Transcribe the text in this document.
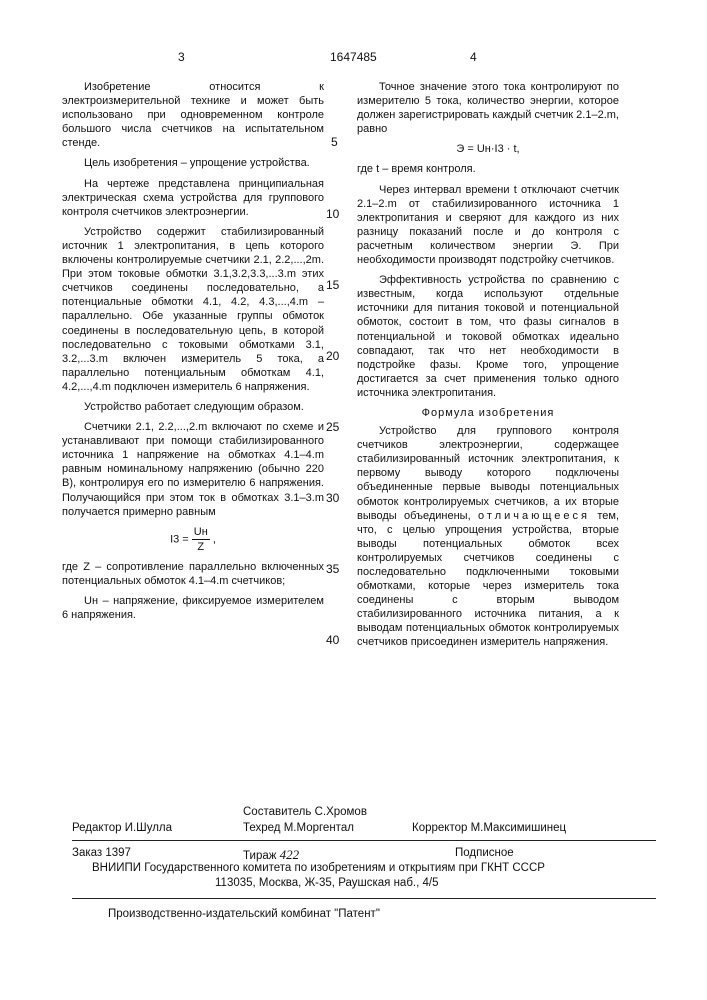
3	1647485	4

Изобретение относится к электроизмерительной технике и может быть использовано при одновременном контроле большого числа счетчиков на испытательном стенде.

Цель изобретения – упрощение устройства.

На чертеже представлена принципиальная электрическая схема устройства для группового контроля счетчиков электроэнергии.

Устройство содержит стабилизированный источник 1 электропитания, в цепь которого включены контролируемые счетчики 2.1, 2.2,...,2m. При этом токовые обмотки 3.1,3.2,3.3,...3.m этих счетчиков соединены последовательно, а потенциальные обмотки 4.1, 4.2, 4.3,...,4.m – параллельно. Обе указанные группы обмоток соединены в последовательную цепь, в которой последовательно с токовыми обмотками 3.1, 3.2,...3.m включен измеритель 5 тока, а параллельно потенциальным обмоткам 4.1, 4.2,...,4.m подключен измеритель 6 напряжения.

Устройство работает следующим образом.

Счетчики 2.1, 2.2,...,2.m включают по схеме и устанавливают при помощи стабилизированного источника 1 напряжение на обмотках 4.1–4.m равным номинальному напряжению (обычно 220 В), контролируя его по измерителю 6 напряжения. Получающийся при этом ток в обмотках 3.1–3.m получается примерно равным

I3 =
Uн
Z
,

где Z – сопротивление параллельно включенных потенциальных обмоток 4.1–4.m счетчиков;

Uн – напряжение, фиксируемое измерителем 6 напряжения.

5
10
15
20
25
30
35
40

Точное значение этого тока контролируют по измерителю 5 тока, количество энергии, которое должен зарегистрировать каждый счетчик 2.1–2.m, равно

Э = Uн·I3 · t,

где t – время контроля.

Через интервал времени t отключают счетчик 2.1–2.m от стабилизированного источника 1 электропитания и сверяют для каждого из них разницу показаний после и до контроля с расчетным количеством энергии Э. При необходимости производят подстройку счетчиков.

Эффективность устройства по сравнению с известным, когда используют отдельные источники для питания токовой и потенциальной обмоток, состоит в том, что фазы сигналов в потенциальной и токовой обмотках идеально совпадают, так что нет необходимости в подстройке фазы. Кроме того, упрощение достигается за счет применения только одного источника электропитания.

Формула изобретения

Устройство для группового контроля счетчиков электроэнергии, содержащее стабилизированный источник электропитания, к первому выводу которого подключены объединенные первые выводы потенциальных обмоток контролируемых счетчиков, а их вторые выводы объединены, отличающееся тем, что, с целью упрощения устройства, вторые выводы потенциальных обмоток всех контролируемых счетчиков соединены с последовательно подключенными токовыми обмотками, которые через измеритель тока соединены с вторым выводом стабилизированного источника питания, а к выводам потенциальных обмоток контролируемых счетчиков присоединен измеритель напряжения.

Составитель С.Хромов
Редактор И.Шулла	Техред М.Моргентал	Корректор М.Максимишинец
Заказ 1397	Тираж 422	Подписное
ВНИИПИ Государственного комитета по изобретениям и открытиям при ГКНТ СССР
113035, Москва, Ж-35, Раушская наб., 4/5
Производственно-издательский комбинат "Патент"
